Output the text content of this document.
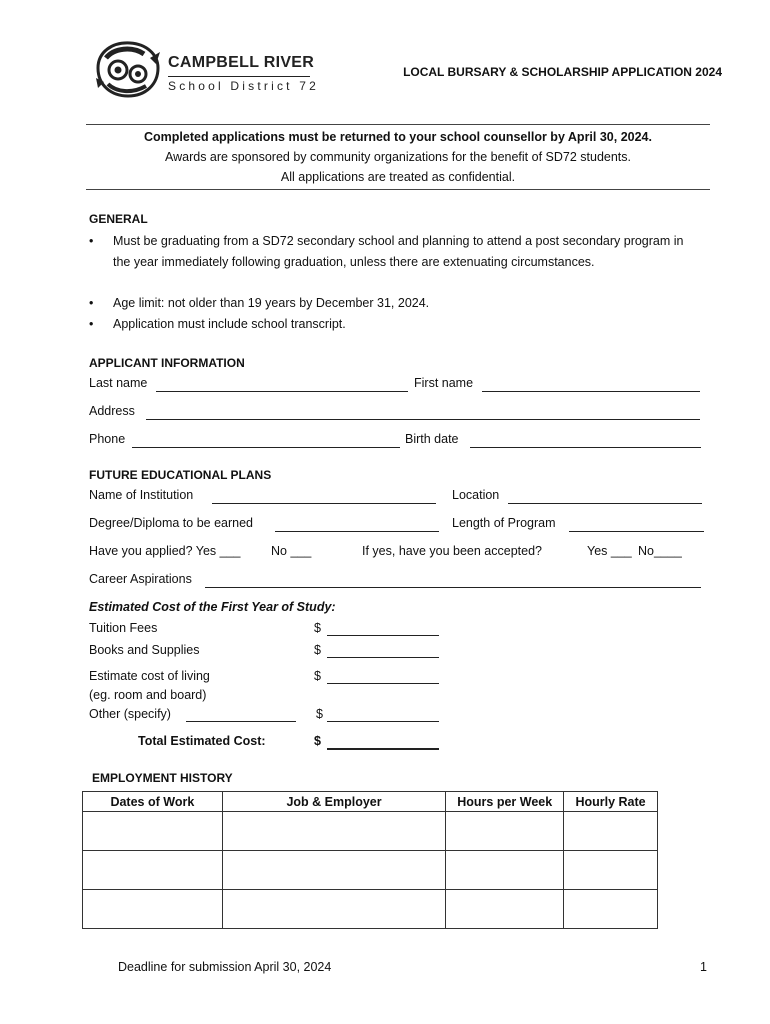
CAMPBELL RIVER
School District 72
LOCAL BURSARY & SCHOLARSHIP APPLICATION 2024
Completed applications must be returned to your school counsellor by April 30, 2024.
Awards are sponsored by community organizations for the benefit of SD72 students.
All applications are treated as confidential.
GENERAL
• Must be graduating from a SD72 secondary school and planning to attend a post secondary program in the year immediately following graduation, unless there are extenuating circumstances.
• Age limit: not older than 19 years by December 31, 2024.
• Application must include school transcript.
APPLICANT INFORMATION
Last name	First name
Address
Phone	Birth date
FUTURE EDUCATIONAL PLANS
Name of Institution	Location
Degree/Diploma to be earned	Length of Program
Have you applied? Yes ___ No ___	If yes, have you been accepted?	Yes ___ No____
Career Aspirations
Estimated Cost of the First Year of Study:
Tuition Fees	$
Books and Supplies	$
Estimate cost of living
(eg. room and board)
$
Other (specify)	$
Total Estimated Cost:	$
EMPLOYMENT HISTORY
Dates of Work	Job & Employer	Hours per Week	Hourly Rate

Deadline for submission April 30, 2024	1
